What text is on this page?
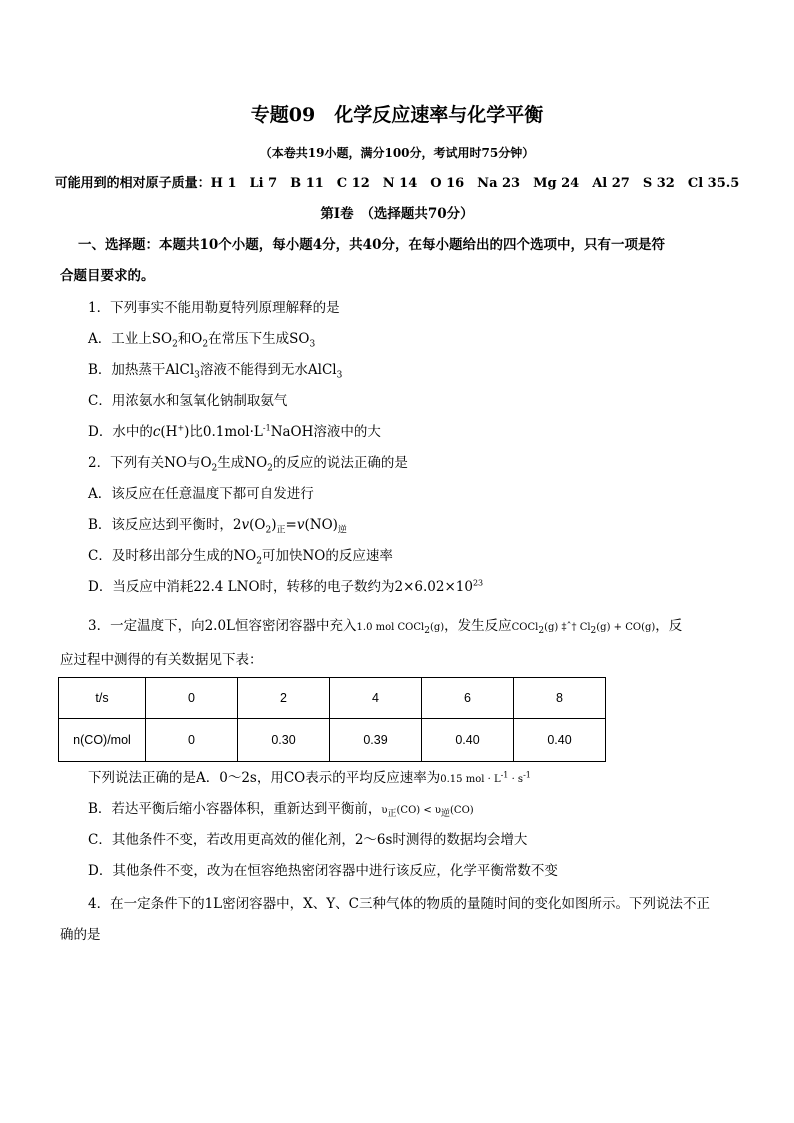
专题09　化学反应速率与化学平衡
（本卷共19小题，满分100分，考试用时75分钟）
可能用到的相对原子质量：H 1　Li 7　B 11　C 12　N 14　O 16　Na 23　Mg 24　Al 27　S 32　Cl 35.5
第I卷　（选择题共70分）
一、选择题：本题共10个小题，每小题4分，共40分，在每小题给出的四个选项中，只有一项是符
合题目要求的。
1．下列事实不能用勒夏特列原理解释的是
A．工业上$SO_2$和$O_2$在常压下生成$SO_3$
B．加热蒸干AlCl$_3$溶液不能得到无水AlCl$_3$
C．用浓氨水和氢氧化钠制取氨气
D．水中的c(H+)比$0.1mol\cdot L^{-1}NaOH$溶液中的大
2．下列有关NO与$O_2$生成$NO_2$的反应的说法正确的是
A．该反应在任意温度下都可自发进行
B．该反应达到平衡时，$2v(O_2)_正=v(NO)_逆$
C．及时移出部分生成的$NO_2$可加快NO的反应速率
D．当反应中消耗22.4 LNO时，转移的电子数约为$2\times 6.02\times 10^{23}$
3．一定温度下，向2.0L恒容密闭容器中充入1.0 mol COCl2(g)，发生反应COCl2(g) ‡ˆ† Cl2(g) + CO(g)，反
应过程中测得的有关数据见下表：
t/s	0	2	4	6	8
n(CO)/mol	0	0.30	0.39	0.40	0.40
下列说法正确的是A．0～2s，用CO表示的平均反应速率为0.15 mol · $L^{-1} \cdot s^{-1}$
B．若达平衡后缩小容器体积，重新达到平衡前，υ正(CO) < υ逆(CO)
C．其他条件不变，若改用更高效的催化剂，2～6s时测得的数据均会增大
D．其他条件不变，改为在恒容绝热密闭容器中进行该反应，化学平衡常数不变
4．在一定条件下的1L密闭容器中，X、Y、C三种气体的物质的量随时间的变化如图所示。下列说法不正
确的是
